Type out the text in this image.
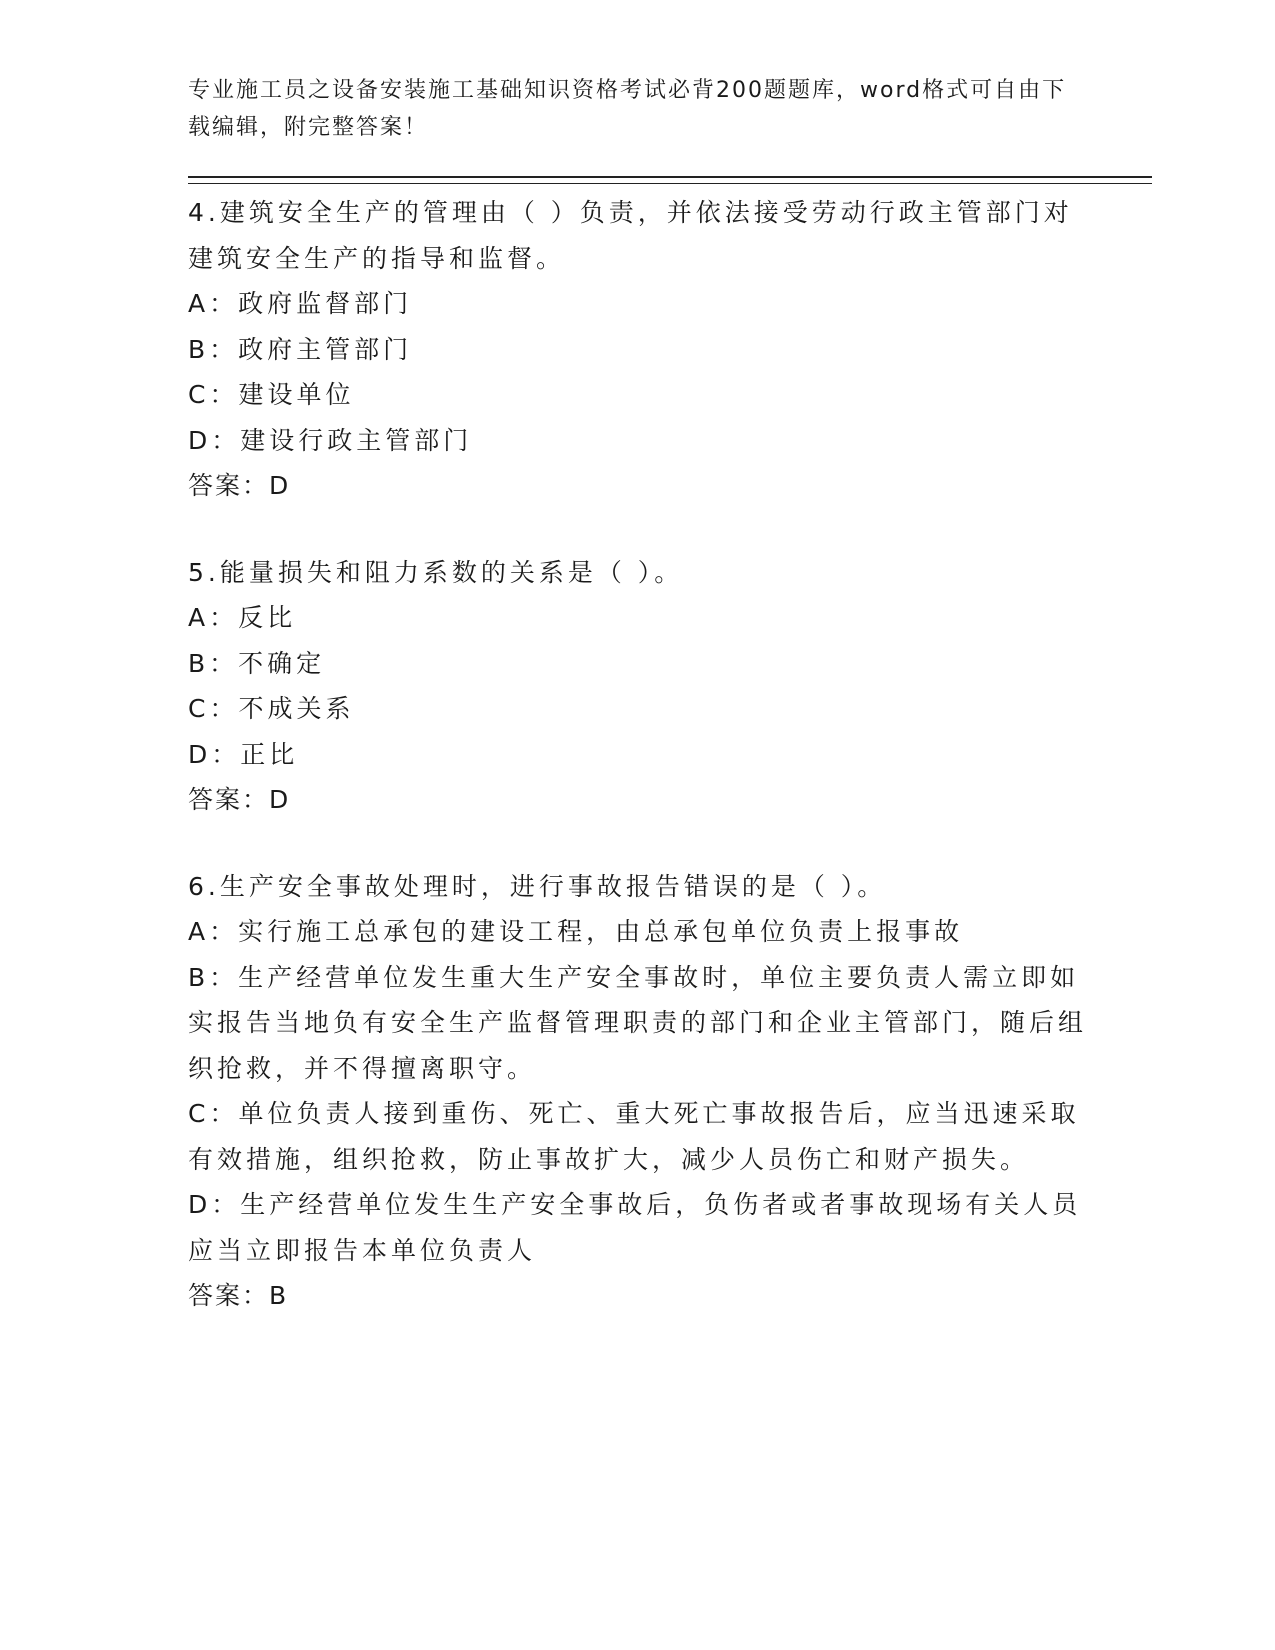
专业施工员之设备安装施工基础知识资格考试必背200题题库，word格式可自由下载编辑，附完整答案！
4.建筑安全生产的管理由（ ）负责，并依法接受劳动行政主管部门对建筑安全生产的指导和监督。
A：政府监督部门
B：政府主管部门
C：建设单位
D：建设行政主管部门
答案：D
5.能量损失和阻力系数的关系是（ ）。
A：反比
B：不确定
C：不成关系
D：正比
答案：D
6.生产安全事故处理时，进行事故报告错误的是（ ）。
A：实行施工总承包的建设工程，由总承包单位负责上报事故
B：生产经营单位发生重大生产安全事故时，单位主要负责人需立即如实报告当地负有安全生产监督管理职责的部门和企业主管部门，随后组织抢救，并不得擅离职守。
C：单位负责人接到重伤、死亡、重大死亡事故报告后，应当迅速采取有效措施，组织抢救，防止事故扩大，减少人员伤亡和财产损失。
D：生产经营单位发生生产安全事故后，负伤者或者事故现场有关人员应当立即报告本单位负责人
答案：B
